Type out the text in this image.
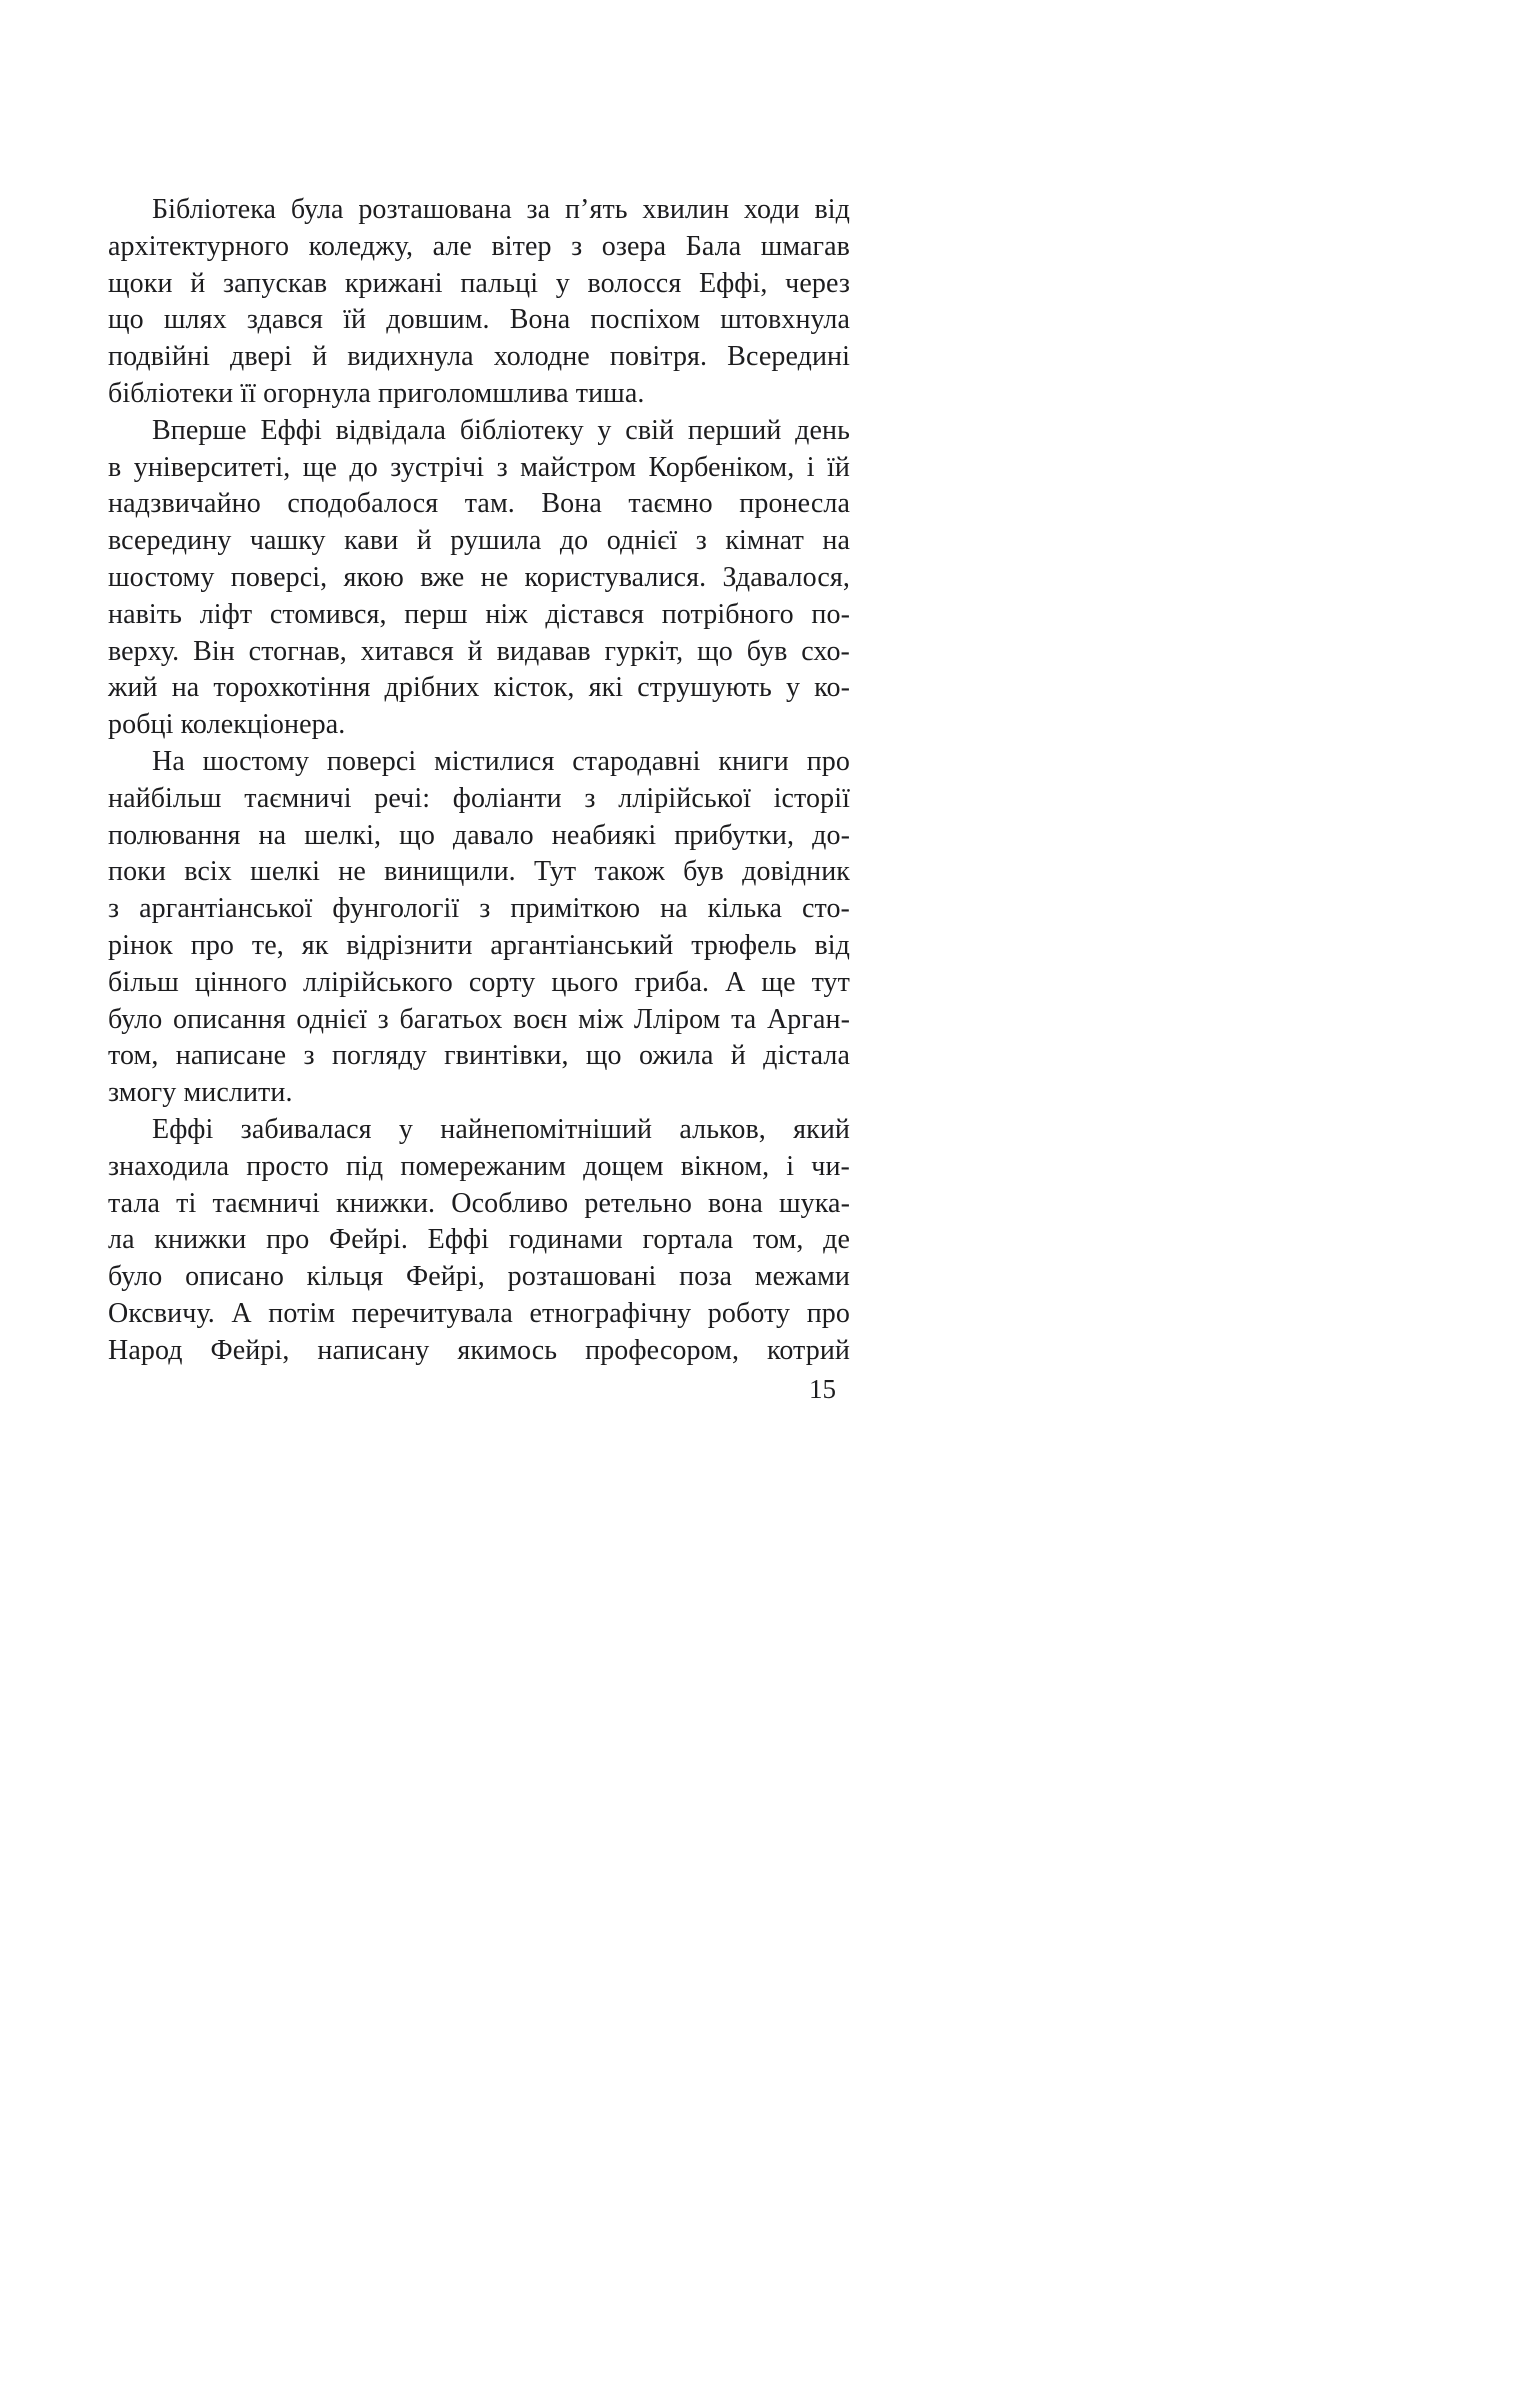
Бібліотека була розташована за п’ять хвилин ходи від
архітектурного коледжу, але вітер з озера Бала шмагав
щоки й запускав крижані пальці у волосся Еффі, через
що шлях здався їй довшим. Вона поспіхом штовхнула
подвійні двері й видихнула холодне повітря. Всередині
бібліотеки її огорнула приголомшлива тиша.
Вперше Еффі відвідала бібліотеку у свій перший день
в університеті, ще до зустрічі з майстром Корбеніком, і їй
надзвичайно сподобалося там. Вона таємно пронесла
всередину чашку кави й рушила до однієї з кімнат на
шостому поверсі, якою вже не користувалися. Здавалося,
навіть ліфт стомився, перш ніж дістався потрібного по-
верху. Він стогнав, хитався й видавав гуркіт, що був схо-
жий на торохкотіння дрібних кісток, які струшують у ко-
робці колекціонера.
На шостому поверсі містилися стародавні книги про
найбільш таємничі речі: фоліанти з ллірійської історії
полювання на шелкі, що давало неабиякі прибутки, до-
поки всіх шелкі не винищили. Тут також був довідник
з аргантіанської фунгології з приміткою на кілька сто-
рінок про те, як відрізнити аргантіанський трюфель від
більш цінного ллірійського сорту цього гриба. А ще тут
було описання однієї з багатьох воєн між Лліром та Арган-
том, написане з погляду гвинтівки, що ожила й дістала
змогу мислити.
Еффі забивалася у найнепомітніший альков, який
знаходила просто під помережаним дощем вікном, і чи-
тала ті таємничі книжки. Особливо ретельно вона шука-
ла книжки про Фейрі. Еффі годинами гортала том, де
було описано кільця Фейрі, розташовані поза межами
Оксвичу. А потім перечитувала етнографічну роботу про
Народ Фейрі, написану якимось професором, котрий
15
